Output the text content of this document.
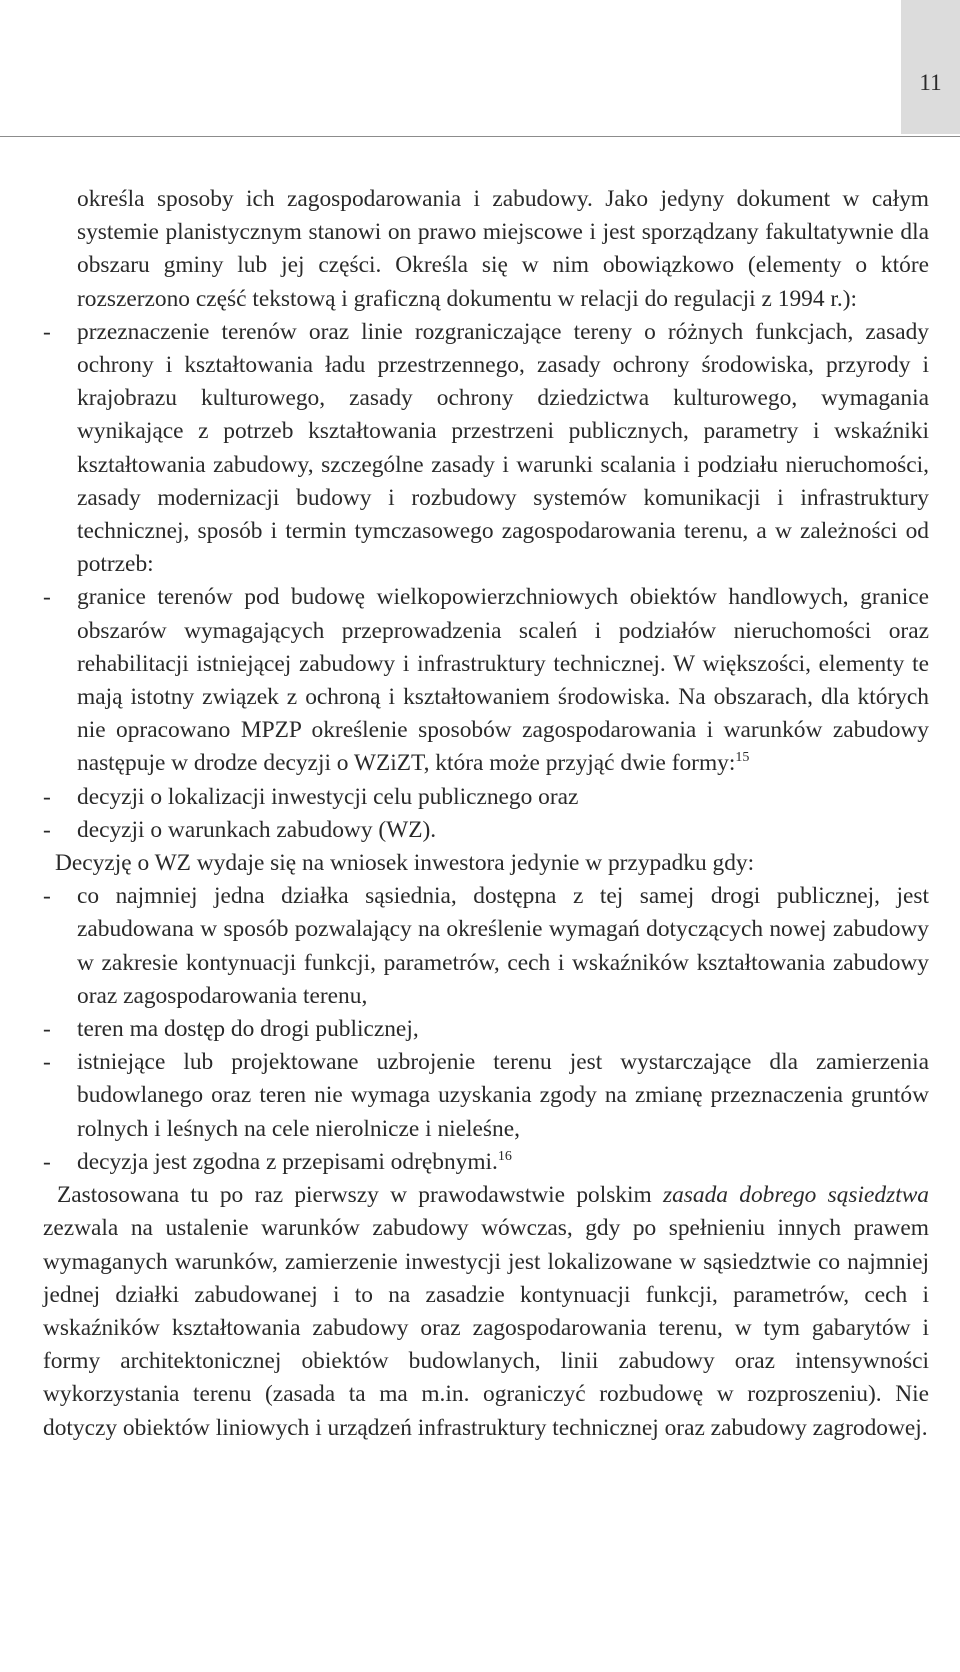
11

określa sposoby ich zagospodarowania i zabudowy. Jako jedyny dokument w całym systemie planistycznym stanowi on prawo miejscowe i jest sporządzany fakultatywnie dla obszaru gminy lub jej części. Określa się w nim obowiązkowo (elementy o które rozszerzono część tekstową i graficzną dokumentu w relacji do regulacji z 1994 r.):

-	przeznaczenie terenów oraz linie rozgraniczające tereny o różnych funkcjach, zasady ochrony i kształtowania ładu przestrzennego, zasady ochrony środowiska, przyrody i krajobrazu kulturowego, zasady ochrony dziedzictwa kulturowego, wymagania wynikające z potrzeb kształtowania przestrzeni publicznych, parametry i wskaźniki kształtowania zabudowy, szczególne zasady i warunki scalania i podziału nieruchomości, zasady modernizacji budowy i rozbudowy systemów komunikacji i infrastruktury technicznej, sposób i termin tymczasowego zagospodarowania terenu, a w zależności od potrzeb:
-	granice terenów pod budowę wielkopowierzchniowych obiektów handlowych, granice obszarów wymagających przeprowadzenia scaleń i podziałów nieruchomości oraz rehabilitacji istniejącej zabudowy i infrastruktury technicznej. W większości, elementy te mają istotny związek z ochroną i kształtowaniem środowiska. Na obszarach, dla których nie opracowano MPZP określenie sposobów zagospodarowania i warunków zabudowy następuje w drodze decyzji o WZiZT, która może przyjąć dwie formy:$^{15}$
-	decyzji o lokalizacji inwestycji celu publicznego oraz
-	decyzji o warunkach zabudowy (WZ).

Decyzję o WZ wydaje się na wniosek inwestora jedynie w przypadku gdy:

-	co najmniej jedna działka sąsiednia, dostępna z tej samej drogi publicznej, jest zabudowana w sposób pozwalający na określenie wymagań dotyczących nowej zabudowy w zakresie kontynuacji funkcji, parametrów, cech i wskaźników kształtowania zabudowy oraz zagospodarowania terenu,
-	teren ma dostęp do drogi publicznej,
-	istniejące lub projektowane uzbrojenie terenu jest wystarczające dla zamierzenia budowlanego oraz teren nie wymaga uzyskania zgody na zmianę przeznaczenia gruntów rolnych i leśnych na cele nierolnicze i nieleśne,
-	decyzja jest zgodna z przepisami odrębnymi.$^{16}$

Zastosowana tu po raz pierwszy w prawodawstwie polskim zasada dobrego sąsiedztwa zezwala na ustalenie warunków zabudowy wówczas, gdy po spełnieniu innych prawem wymaganych warunków, zamierzenie inwestycji jest lokalizowane w sąsiedztwie co najmniej jednej działki zabudowanej i to na zasadzie kontynuacji funkcji, parametrów, cech i wskaźników kształtowania zabudowy oraz zagospodarowania terenu, w tym gabarytów i formy architektonicznej obiektów budowlanych, linii zabudowy oraz intensywności wykorzystania terenu (zasada ta ma m.in. ograniczyć rozbudowę w rozproszeniu). Nie dotyczy obiektów liniowych i urządzeń infrastruktury technicznej oraz zabudowy zagrodowej.
